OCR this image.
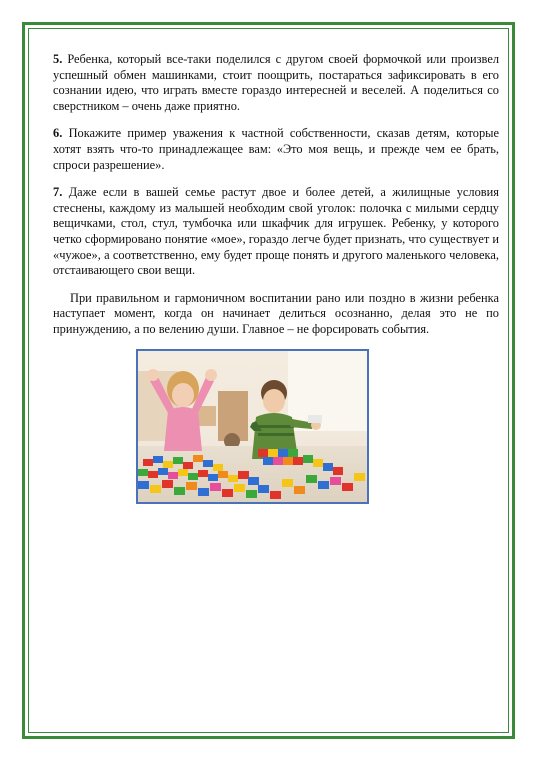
5. Ребенка, который все-таки поделился с другом своей формочкой или произвел успешный обмен машинками, стоит поощрить, постараться зафиксировать в его сознании идею, что играть вместе гораздо интересней и веселей. А поделиться со сверстником – очень даже приятно.

6. Покажите пример уважения к частной собственности, сказав детям, которые хотят взять что-то принадлежащее вам: «Это моя вещь, и прежде чем ее брать, спроси разрешение».

7. Даже если в вашей семье растут двое и более детей, а жилищные условия стеснены, каждому из малышей необходим свой уголок: полочка с милыми сердцу вещичками, стол, стул, тумбочка или шкафчик для игрушек. Ребенку, у которого четко сформировано понятие «мое», гораздо легче будет признать, что существует и «чужое», а соответственно, ему будет проще понять и другого маленького человека, отстаивающего свои вещи.

При правильном и гармоничном воспитании рано или поздно в жизни ребенка наступает момент, когда он начинает делиться осознанно, делая это не по принуждению, а по велению души. Главное – не форсировать события.
